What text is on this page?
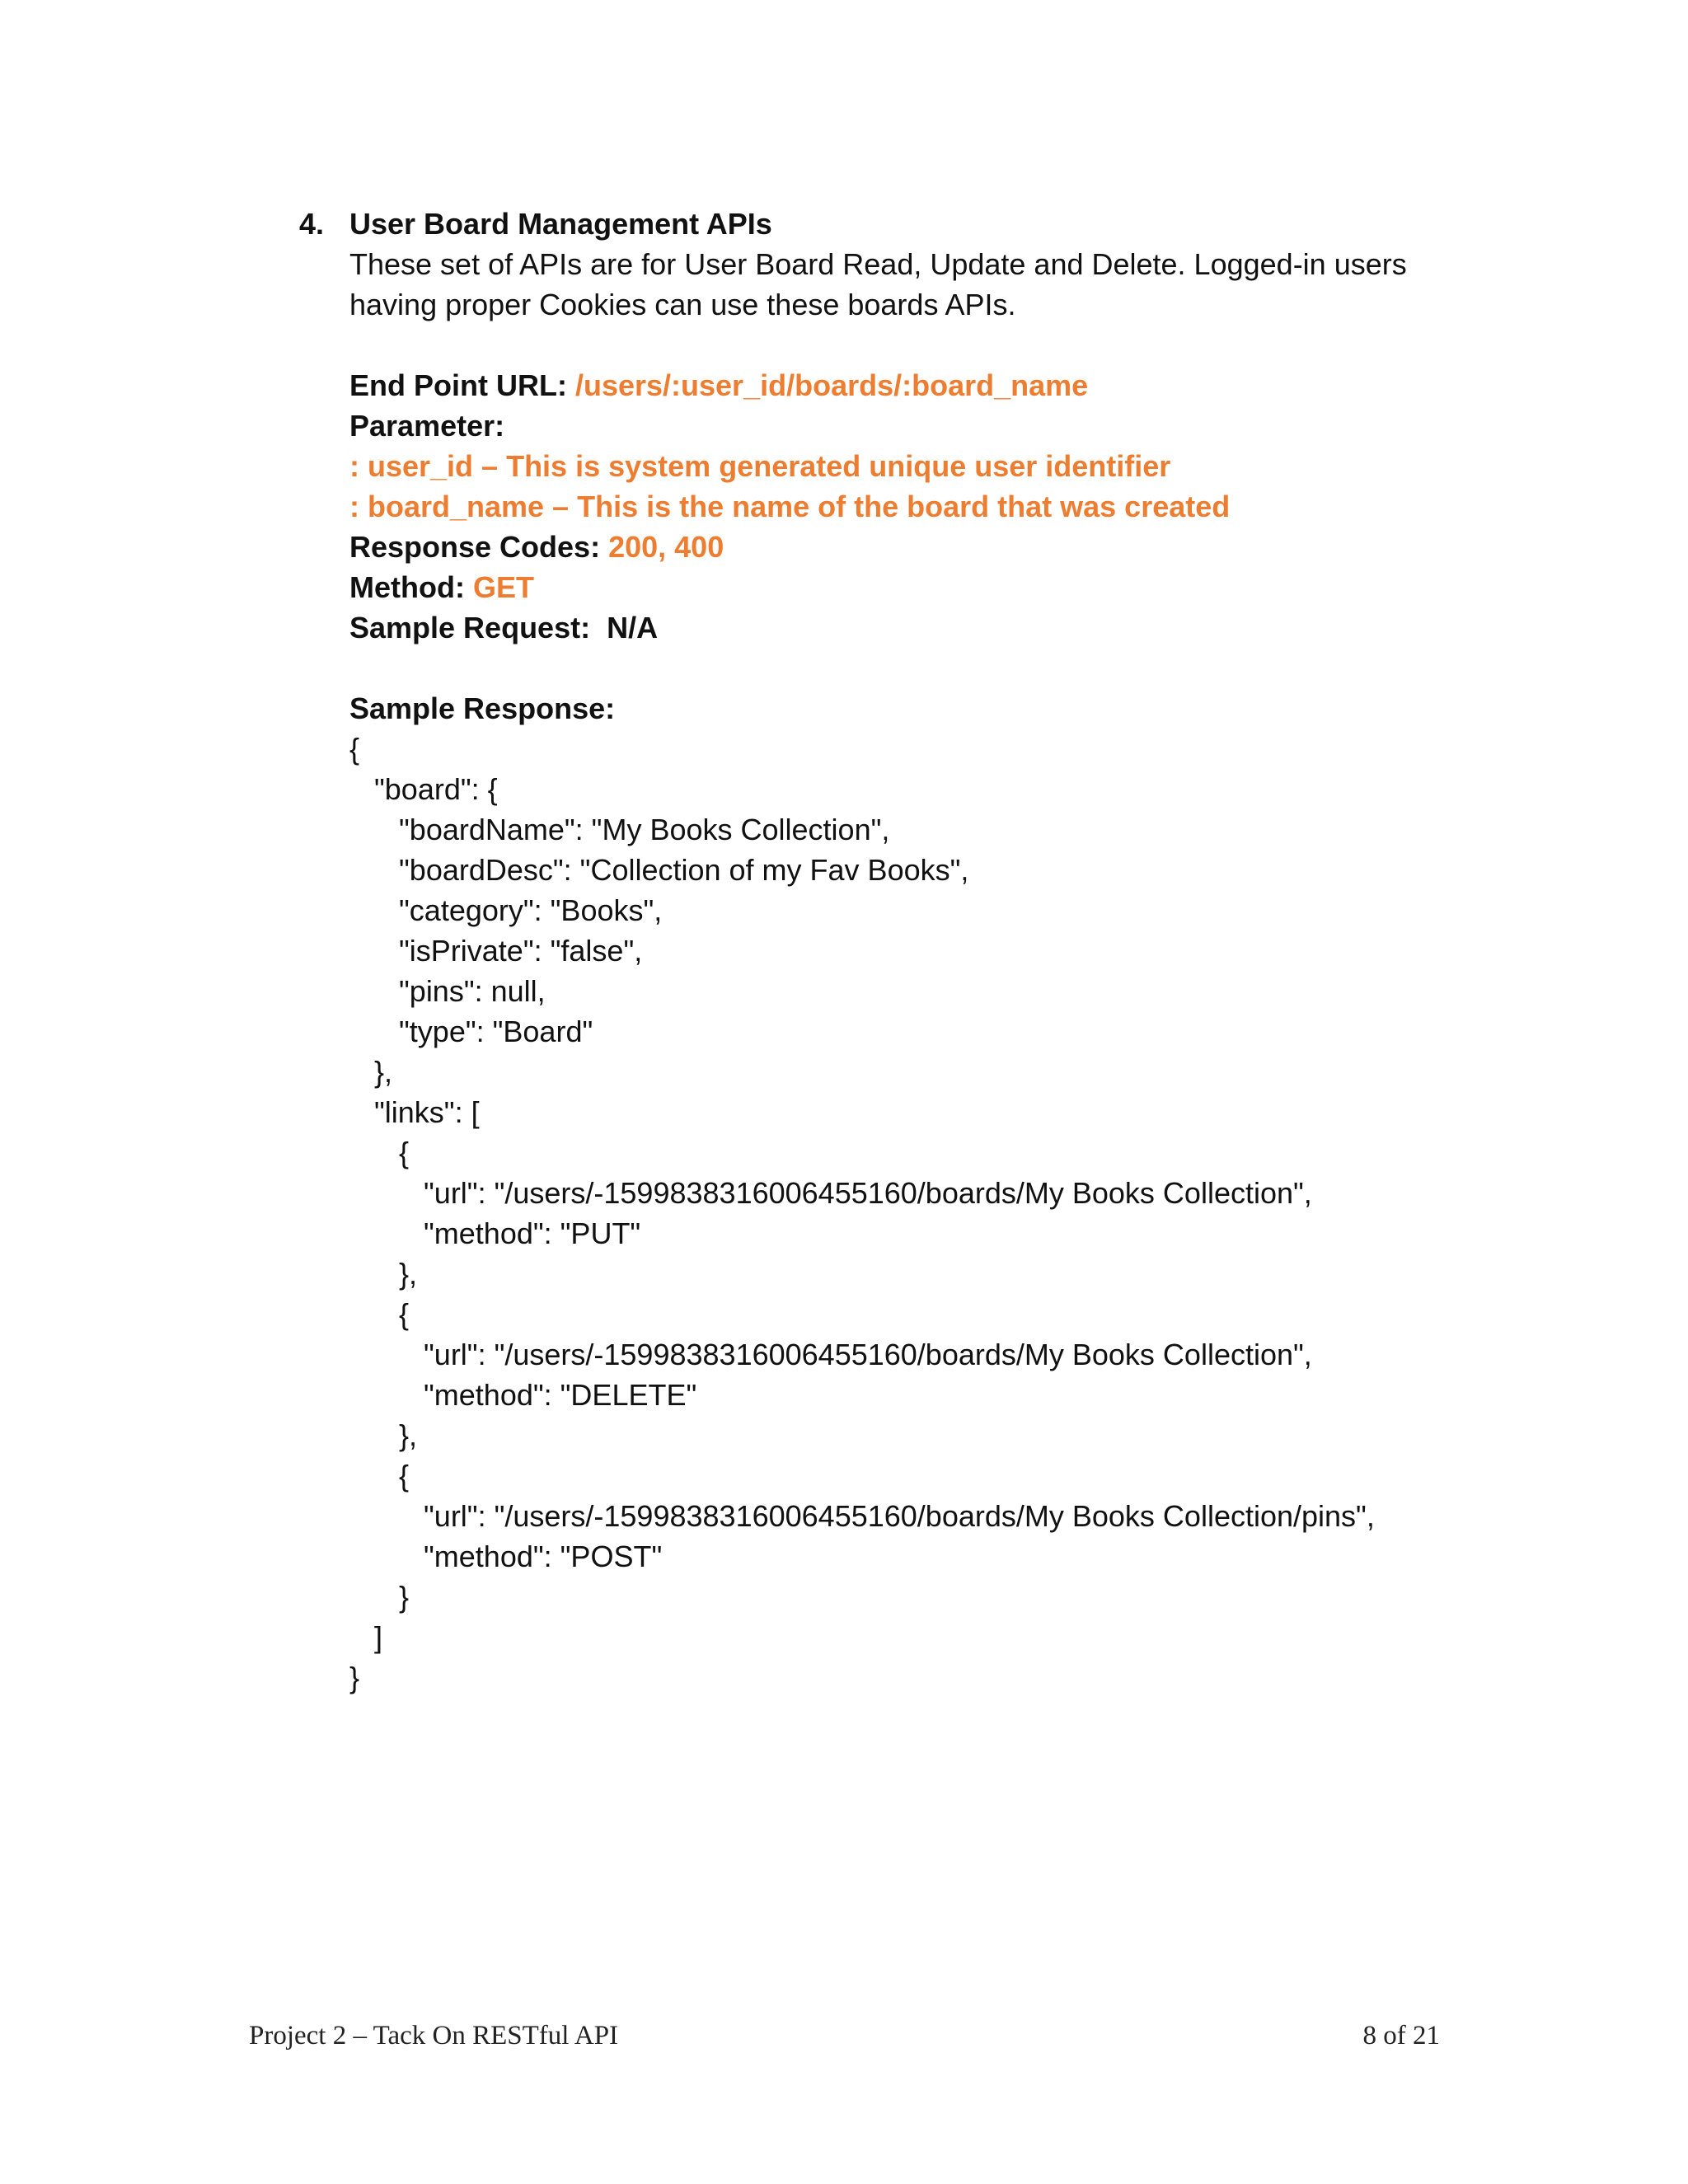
4. User Board Management APIs
These set of APIs are for User Board Read, Update and Delete. Logged-in users
having proper Cookies can use these boards APIs.
End Point URL: /users/:user_id/boards/:board_name
Parameter:
: user_id – This is system generated unique user identifier
: board_name – This is the name of the board that was created
Response Codes: 200, 400
Method: GET
Sample Request:  N/A
Sample Response:
{
"board": {
"boardName": "My Books Collection",
"boardDesc": "Collection of my Fav Books",
"category": "Books",
"isPrivate": "false",
"pins": null,
"type": "Board"
},
"links": [
{
"url": "/users/-1599838316006455160/boards/My Books Collection",
"method": "PUT"
},
{
"url": "/users/-1599838316006455160/boards/My Books Collection",
"method": "DELETE"
},
{
"url": "/users/-1599838316006455160/boards/My Books Collection/pins",
"method": "POST"
}
]
}
Project 2 – Tack On RESTful API	8 of 21
